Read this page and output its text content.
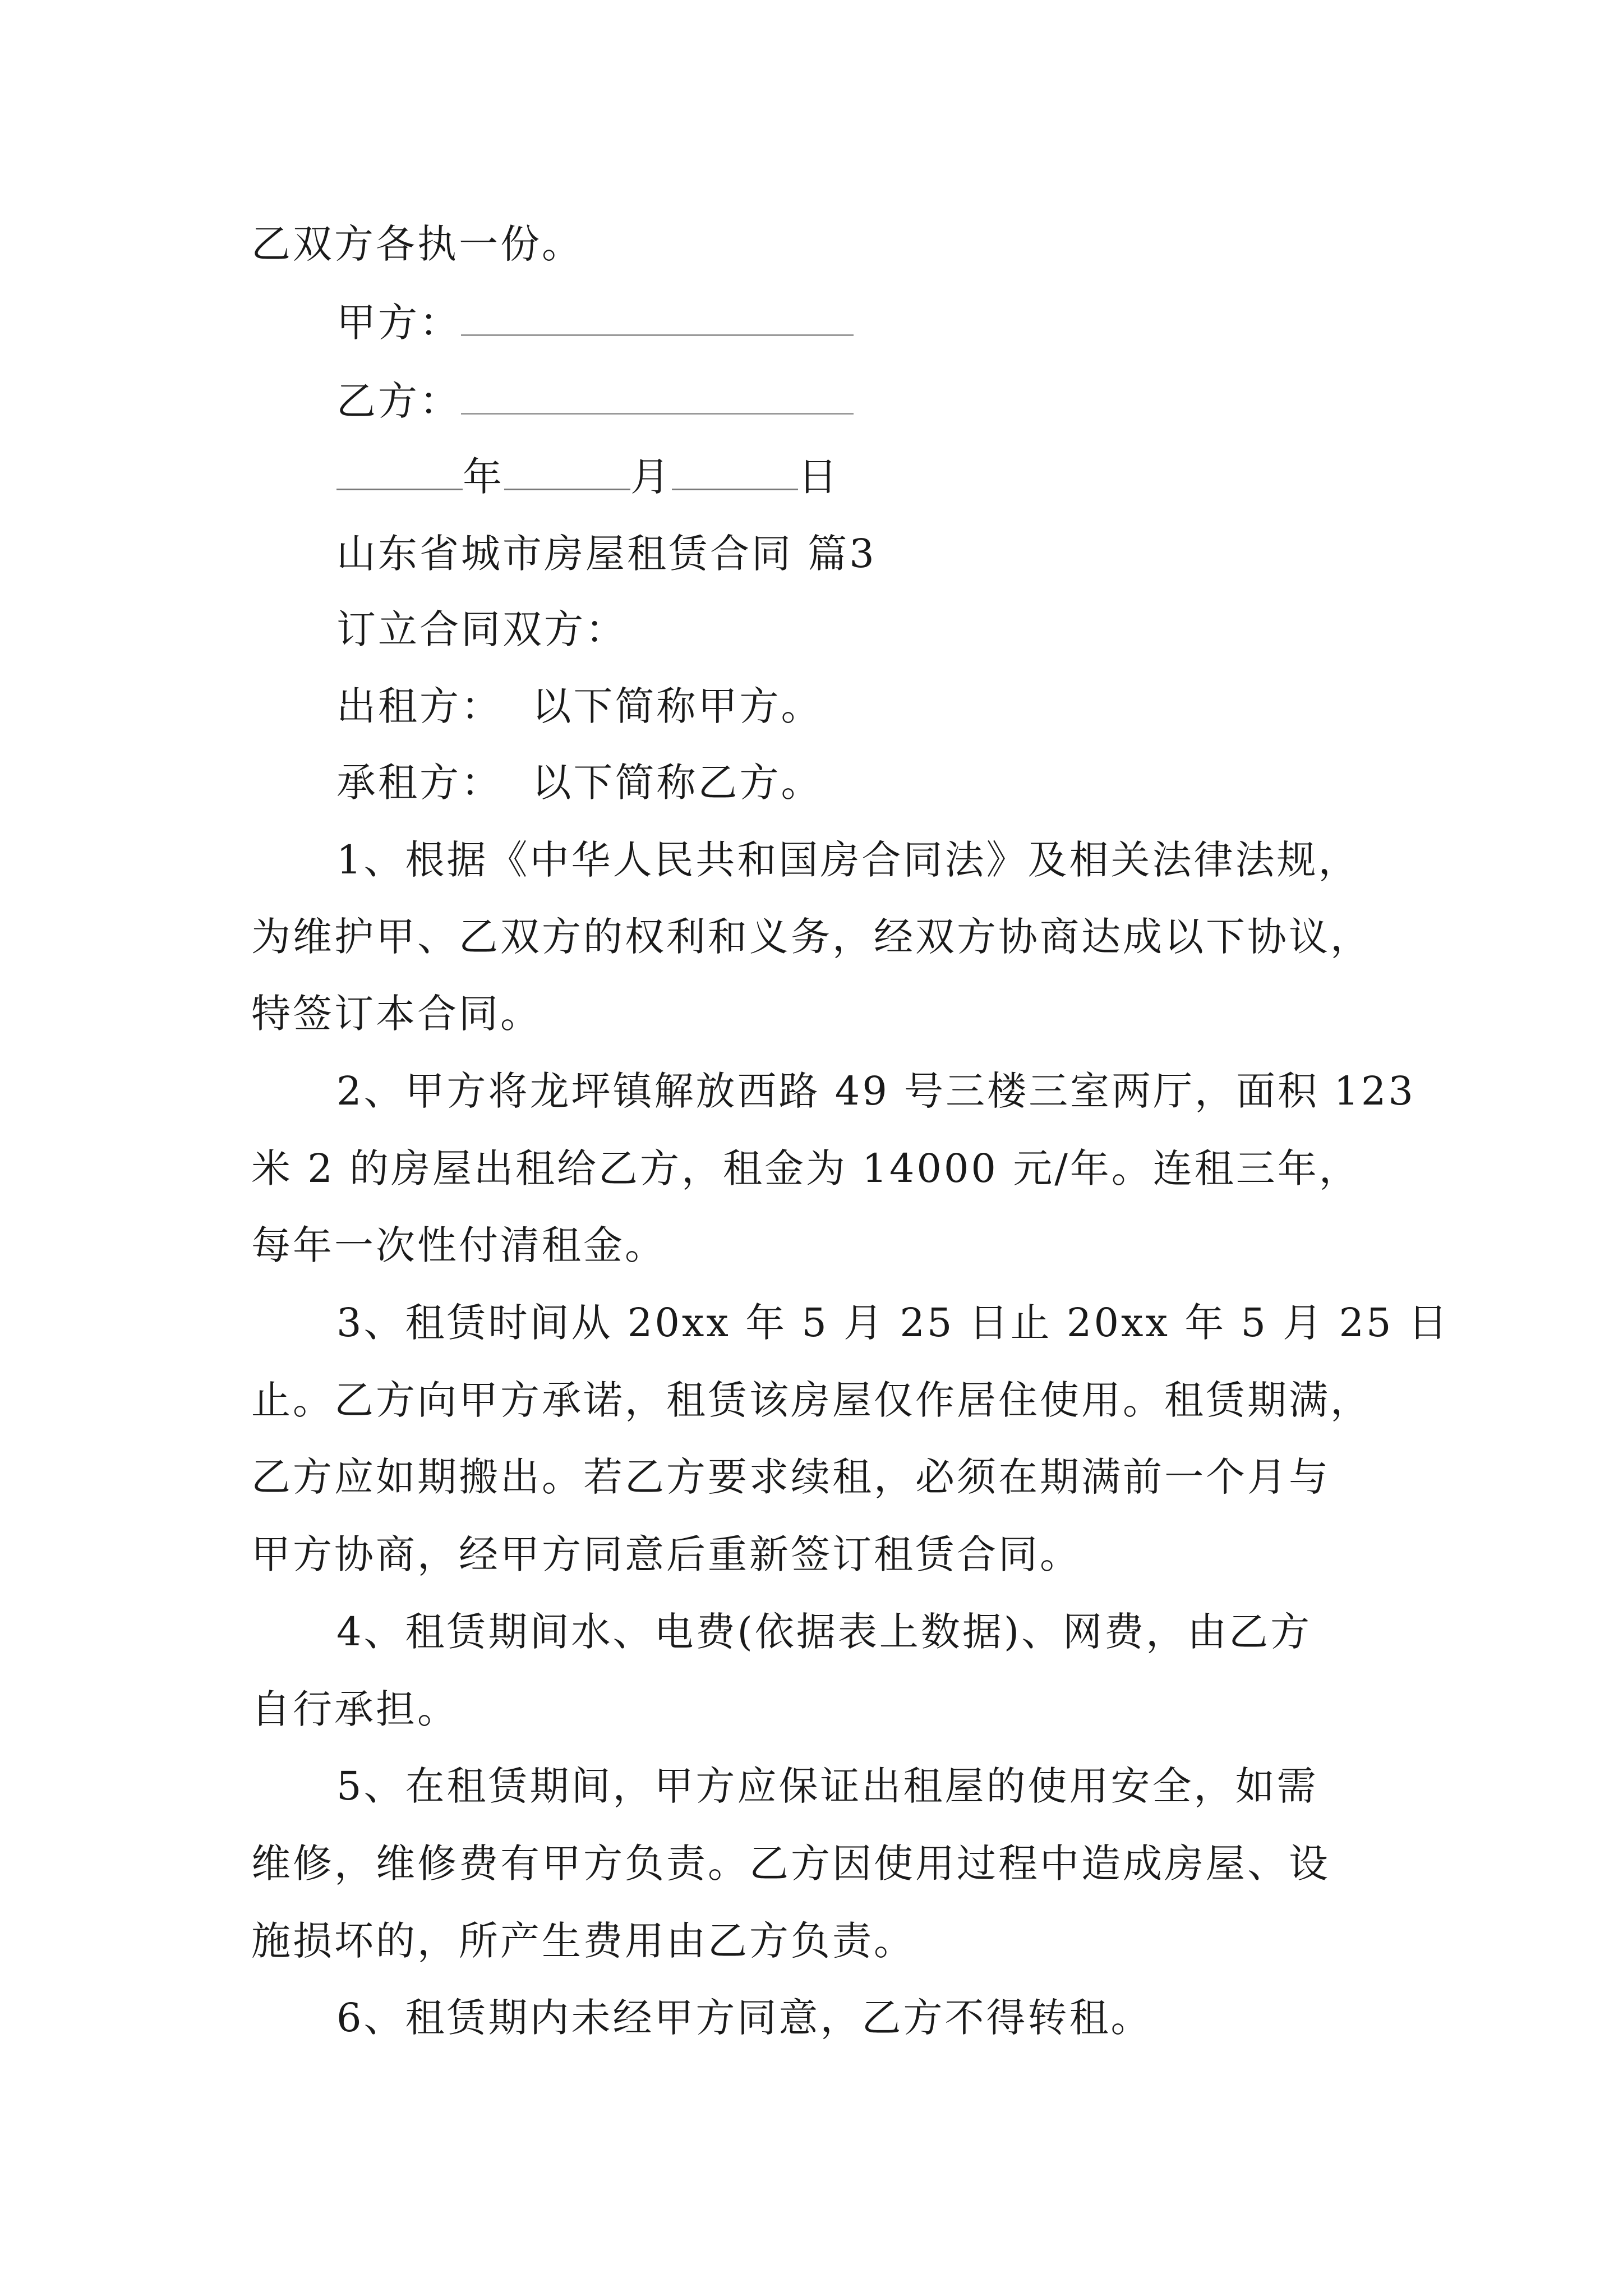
乙双方各执一份。
甲方：
乙方：
年	月	日
山东省城市房屋租赁合同 篇3
订立合同双方：
出租方：  以下简称甲方。
承租方：  以下简称乙方。
1、根据《中华人民共和国房合同法》及相关法律法规，
为维护甲、乙双方的权利和义务，经双方协商达成以下协议，
特签订本合同。
2、甲方将龙坪镇解放西路 49 号三楼三室两厅，面积 123
米 2 的房屋出租给乙方，租金为 14000 元/年。连租三年，
每年一次性付清租金。
3、租赁时间从 20xx 年 5 月 25 日止 20xx 年 5 月 25 日
止。乙方向甲方承诺，租赁该房屋仅作居住使用。租赁期满，
乙方应如期搬出。若乙方要求续租，必须在期满前一个月与
甲方协商，经甲方同意后重新签订租赁合同。
4、租赁期间水、电费(依据表上数据)、网费，由乙方
自行承担。
5、在租赁期间，甲方应保证出租屋的使用安全，如需
维修，维修费有甲方负责。乙方因使用过程中造成房屋、设
施损坏的，所产生费用由乙方负责。
6、租赁期内未经甲方同意，乙方不得转租。
